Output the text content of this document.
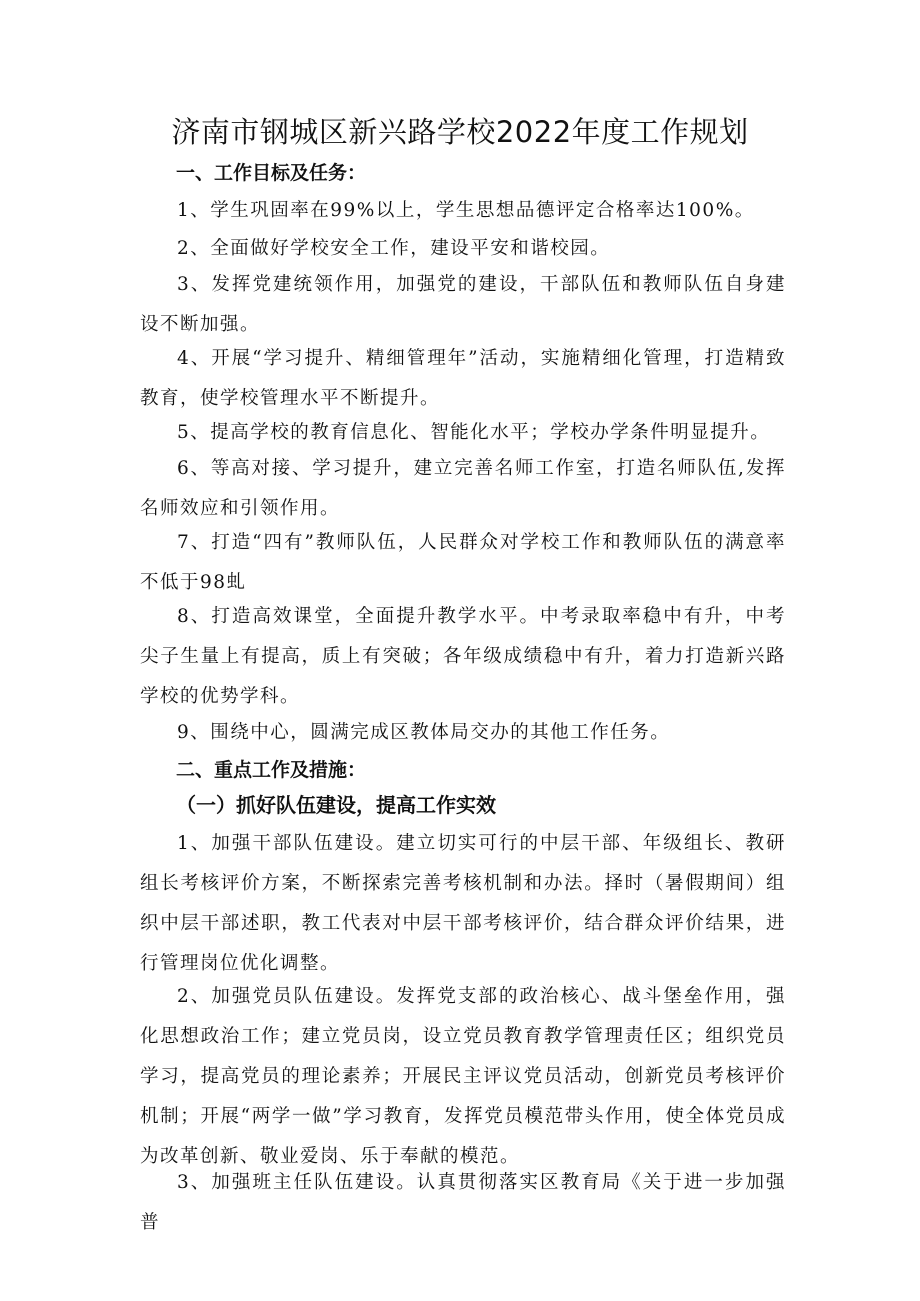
济南市钢城区新兴路学校2022年度工作规划
一、工作目标及任务：
1、学生巩固率在99%以上，学生思想品德评定合格率达100%。
2、全面做好学校安全工作，建设平安和谐校园。
3、发挥党建统领作用，加强党的建设，干部队伍和教师队伍自身建设不断加强。
4、开展“学习提升、精细管理年”活动，实施精细化管理，打造精致教育，使学校管理水平不断提升。
5、提高学校的教育信息化、智能化水平；学校办学条件明显提升。
6、等高对接、学习提升，建立完善名师工作室，打造名师队伍,发挥名师效应和引领作用。
7、打造“四有”教师队伍，人民群众对学校工作和教师队伍的满意率不低于98虬
8、打造高效课堂，全面提升教学水平。中考录取率稳中有升，中考尖子生量上有提高，质上有突破；各年级成绩稳中有升，着力打造新兴路学校的优势学科。
9、围绕中心，圆满完成区教体局交办的其他工作任务。
二、重点工作及措施：
（一）抓好队伍建设，提高工作实效
1、加强干部队伍建设。建立切实可行的中层干部、年级组长、教研组长考核评价方案，不断探索完善考核机制和办法。择时（暑假期间）组织中层干部述职，教工代表对中层干部考核评价，结合群众评价结果，进行管理岗位优化调整。
2、加强党员队伍建设。发挥党支部的政治核心、战斗堡垒作用，强化思想政治工作；建立党员岗，设立党员教育教学管理责任区；组织党员学习，提高党员的理论素养；开展民主评议党员活动，创新党员考核评价机制；开展“两学一做”学习教育，发挥党员模范带头作用，使全体党员成为改革创新、敬业爱岗、乐于奉献的模范。
3、加强班主任队伍建设。认真贯彻落实区教育局《关于进一步加强普
